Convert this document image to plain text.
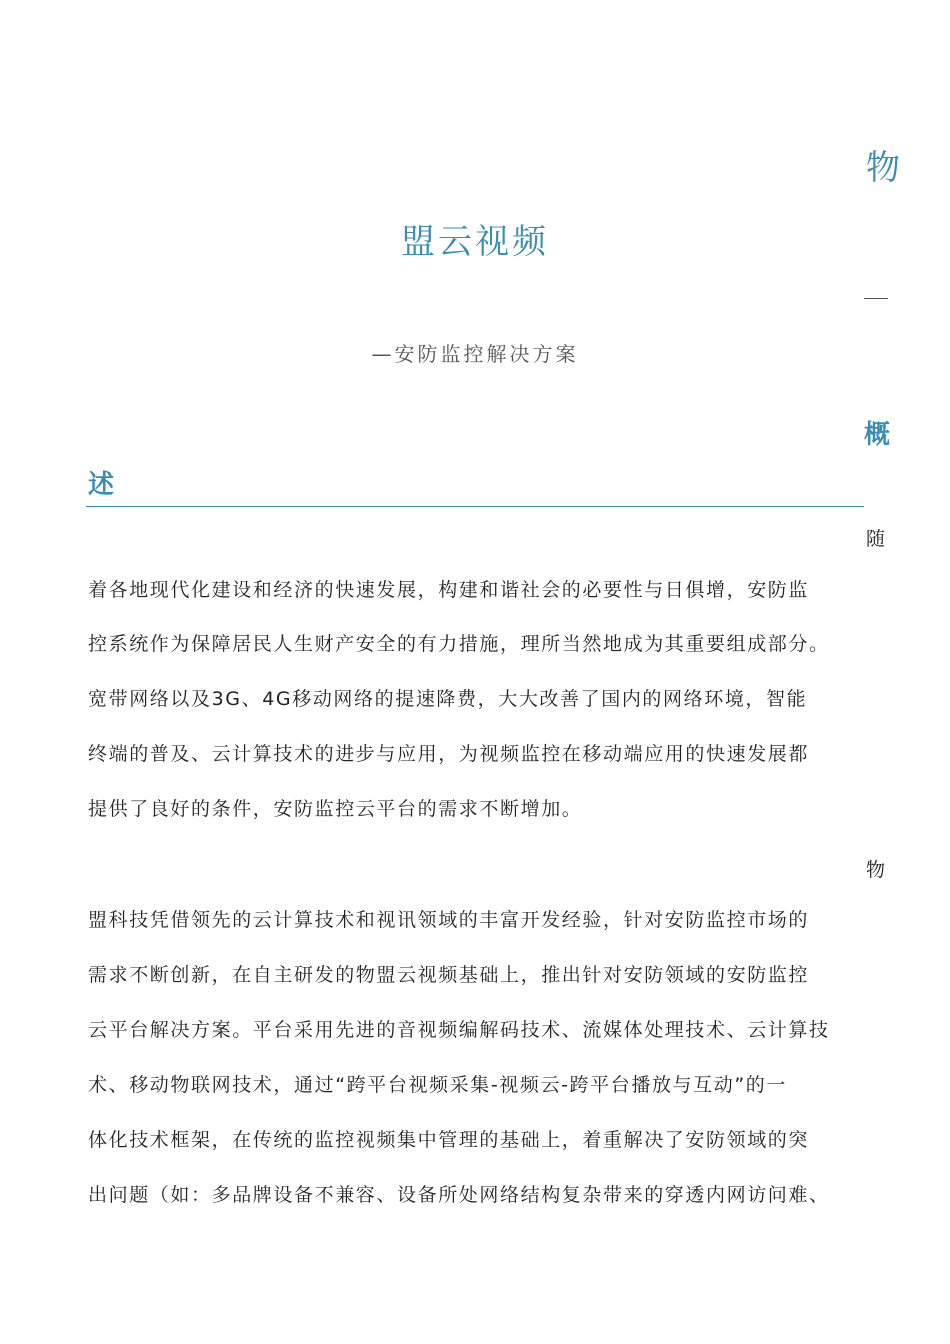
物
盟云视频
—安防监控解决方案
概
述
随
着各地现代化建设和经济的快速发展，构建和谐社会的必要性与日俱增，安防监
控系统作为保障居民人生财产安全的有力措施，理所当然地成为其重要组成部分。
宽带网络以及3G、4G移动网络的提速降费，大大改善了国内的网络环境，智能
终端的普及、云计算技术的进步与应用，为视频监控在移动端应用的快速发展都
提供了良好的条件，安防监控云平台的需求不断增加。
物
盟科技凭借领先的云计算技术和视讯领域的丰富开发经验，针对安防监控市场的
需求不断创新，在自主研发的物盟云视频基础上，推出针对安防领域的安防监控
云平台解决方案。平台采用先进的音视频编解码技术、流媒体处理技术、云计算技
术、移动物联网技术，通过“跨平台视频采集-视频云-跨平台播放与互动”的一
体化技术框架，在传统的监控视频集中管理的基础上，着重解决了安防领域的突
出问题（如：多品牌设备不兼容、设备所处网络结构复杂带来的穿透内网访问难、
